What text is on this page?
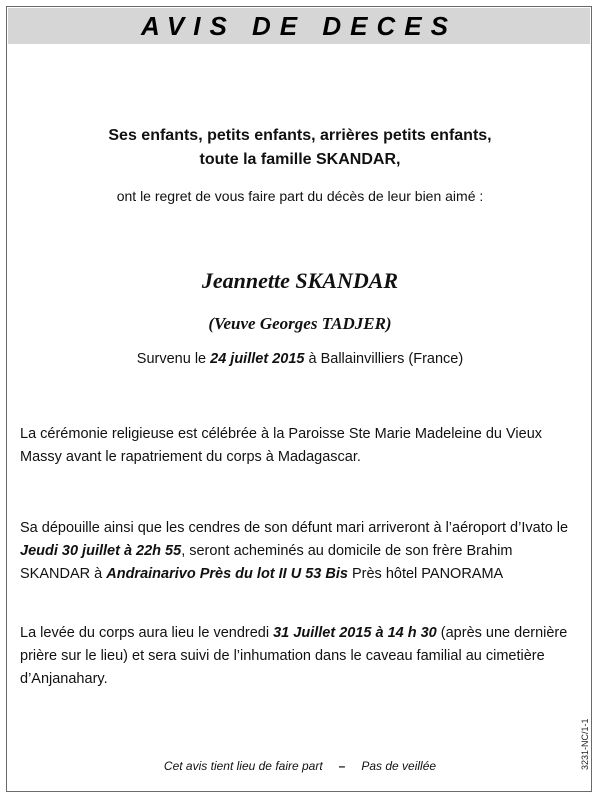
AVIS DE DECES
Ses enfants, petits enfants, arrières petits enfants,
toute la famille SKANDAR,
ont le regret de vous faire part du décès de leur bien aimé :
Jeannette SKANDAR
(Veuve Georges TADJER)
Survenu le 24 juillet 2015 à Ballainvilliers (France)
La cérémonie religieuse est célébrée à la Paroisse Ste Marie Madeleine du Vieux Massy avant le rapatriement du corps à Madagascar.
Sa dépouille ainsi que les cendres de son défunt mari arriveront à l’aéroport d’Ivato le Jeudi 30 juillet à 22h 55, seront acheminés au domicile de son frère Brahim SKANDAR à Andrainarivo Près du lot II U 53 Bis Près hôtel PANORAMA
La levée du corps aura lieu le vendredi 31 Juillet 2015 à 14 h 30 (après une dernière prière sur le lieu) et sera suivi de l’inhumation dans le caveau familial au cimetière d’Anjanahary.
Cet avis tient lieu de faire part – Pas de veillée	3231-NC/1-1
